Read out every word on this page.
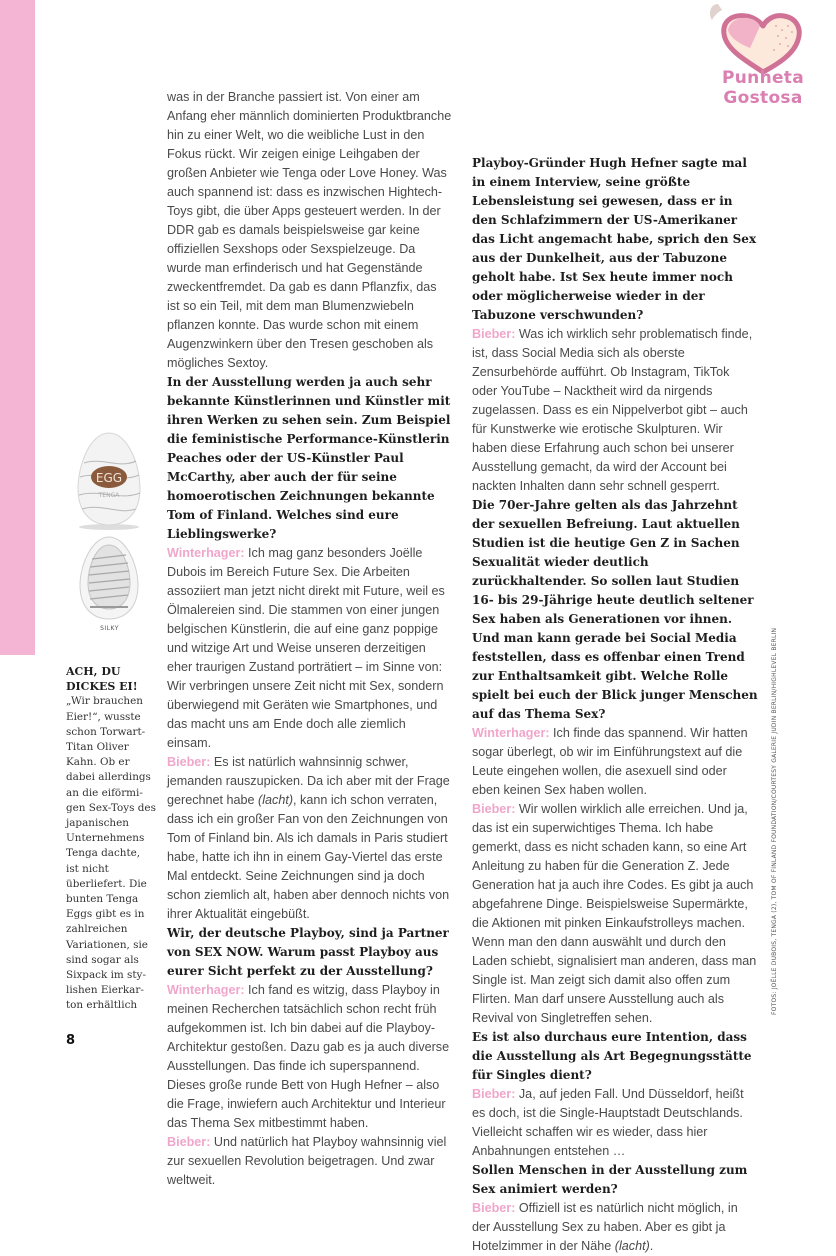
Punheta Gostosa

was in der Branche passiert ist. Von einer am Anfang eher männlich dominierten Produktbranche hin zu einer Welt, wo die weibliche Lust in den Fokus rückt. Wir zeigen einige Leihgaben der großen Anbieter wie Tenga oder Love Honey. Was auch spannend ist: dass es inzwischen Hightech-Toys gibt, die über Apps gesteuert werden. In der DDR gab es damals beispielsweise gar keine offiziellen Sexshops oder Sexspielzeuge. Da wurde man erfinderisch und hat Gegenstände zweckentfremdet. Da gab es dann Pflanzfix, das ist so ein Teil, mit dem man Blumenzwiebeln pflanzen konnte. Das wurde schon mit einem Augenzwinkern über den Tresen geschoben als mögliches Sextoy.

In der Ausstellung werden ja auch sehr bekannte Künstlerinnen und Künstler mit ihren Werken zu sehen sein. Zum Beispiel die feministische Performance-Künstlerin Peaches oder der US-Künstler Paul McCarthy, aber auch der für seine homoerotischen Zeichnungen bekannte Tom of Finland. Welches sind eure Lieblingswerke?

Winterhager: Ich mag ganz besonders Joëlle Dubois im Bereich Future Sex. Die Arbeiten assoziiert man jetzt nicht direkt mit Future, weil es Ölmalereien sind. Die stammen von einer jungen belgischen Künstlerin, die auf eine ganz poppige und witzige Art und Weise unseren derzeitigen eher traurigen Zustand porträtiert – im Sinne von: Wir verbringen unsere Zeit nicht mit Sex, sondern überwiegend mit Geräten wie Smartphones, und das macht uns am Ende doch alle ziemlich einsam.

Bieber: Es ist natürlich wahnsinnig schwer, jemanden rauszupicken. Da ich aber mit der Frage gerechnet habe (lacht), kann ich schon verraten, dass ich ein großer Fan von den Zeichnungen von Tom of Finland bin. Als ich damals in Paris studiert habe, hatte ich ihn in einem Gay-Viertel das erste Mal entdeckt. Seine Zeichnungen sind ja doch schon ziemlich alt, haben aber dennoch nichts von ihrer Aktualität eingebüßt.

Wir, der deutsche Playboy, sind ja Partner von SEX NOW. Warum passt Playboy aus eurer Sicht perfekt zu der Ausstellung?

Winterhager: Ich fand es witzig, dass Playboy in meinen Recherchen tatsächlich schon recht früh aufgekommen ist. Ich bin dabei auf die Playboy-Architektur gestoßen. Dazu gab es ja auch diverse Ausstellungen. Das finde ich superspannend. Dieses große runde Bett von Hugh Hefner – also die Frage, inwiefern auch Architektur und Interieur das Thema Sex mitbestimmt haben.

Bieber: Und natürlich hat Playboy wahnsinnig viel zur sexuellen Revolution beigetragen. Und zwar weltweit.

Playboy-Gründer Hugh Hefner sagte mal in einem Interview, seine größte Lebensleistung sei gewesen, dass er in den Schlafzimmern der US-Amerikaner das Licht angemacht habe, sprich den Sex aus der Dunkelheit, aus der Tabuzone geholt habe. Ist Sex heute immer noch oder möglicherweise wieder in der Tabuzone verschwunden?

Bieber: Was ich wirklich sehr problematisch finde, ist, dass Social Media sich als oberste Zensurbehörde aufführt. Ob Instagram, TikTok oder YouTube – Nacktheit wird da nirgends zugelassen. Dass es ein Nippelverbot gibt – auch für Kunstwerke wie erotische Skulpturen. Wir haben diese Erfahrung auch schon bei unserer Ausstellung gemacht, da wird der Account bei nackten Inhalten dann sehr schnell gesperrt.

Die 70er-Jahre gelten als das Jahrzehnt der sexuellen Befreiung. Laut aktuellen Studien ist die heutige Gen Z in Sachen Sexualität wieder deutlich zurückhaltender. So sollen laut Studien 16- bis 29-Jährige heute deutlich seltener Sex haben als Generationen vor ihnen. Und man kann gerade bei Social Media feststellen, dass es offenbar einen Trend zur Enthaltsamkeit gibt. Welche Rolle spielt bei euch der Blick junger Menschen auf das Thema Sex?

Winterhager: Ich finde das spannend. Wir hatten sogar überlegt, ob wir im Einführungstext auf die Leute eingehen wollen, die asexuell sind oder eben keinen Sex haben wollen.

Bieber: Wir wollen wirklich alle erreichen. Und ja, das ist ein superwichtiges Thema. Ich habe gemerkt, dass es nicht schaden kann, so eine Art Anleitung zu haben für die Generation Z. Jede Generation hat ja auch ihre Codes. Es gibt ja auch abgefahrene Dinge. Beispielsweise Supermärkte, die Aktionen mit pinken Einkaufstrolleys machen. Wenn man den dann auswählt und durch den Laden schiebt, signalisiert man anderen, dass man Single ist. Man zeigt sich damit also offen zum Flirten. Man darf unsere Ausstellung auch als Revival von Singletreffen sehen.

Es ist also durchaus eure Intention, dass die Ausstellung als Art Begegnungsstätte für Singles dient?

Bieber: Ja, auf jeden Fall. Und Düsseldorf, heißt es doch, ist die Single-Hauptstadt Deutschlands. Vielleicht schaffen wir es wieder, dass hier Anbahnungen entstehen …

Sollen Menschen in der Ausstellung zum Sex animiert werden?

Bieber: Offiziell ist es natürlich nicht möglich, in der Ausstellung Sex zu haben. Aber es gibt ja Hotelzimmer in der Nähe (lacht).

EGG
TENGA
SILKY
ACH, DU DICKES EI!
„Wir brauchen Eier!“, wusste schon Torwart-Titan Oliver Kahn. Ob er dabei allerdings an die eiförmigen Sex-Toys des japanischen Unternehmens Tenga dachte, ist nicht überliefert. Die bunten Tenga Eggs gibt es in zahlreichen Variationen, sie sind sogar als Sixpack im stylishen Eierkarton erhältlich	FOTOS: JOËLLE DUBOIS, TENGA (2), TOM OF FINLAND FOUNDATION/COURTESY GALERIE JUDIN BERLIN/HIGHLEVEL BERLIN
8
